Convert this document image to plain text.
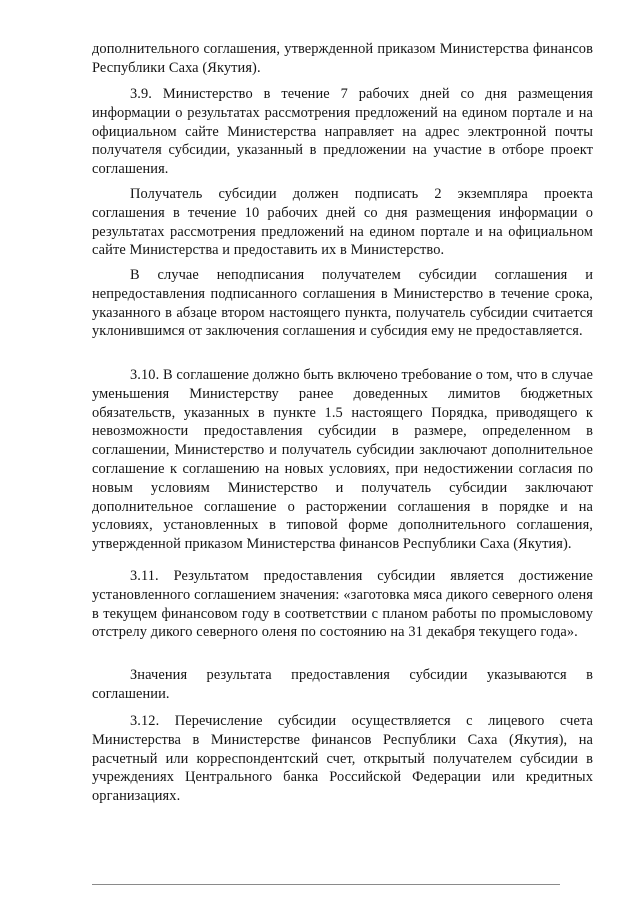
дополнительного соглашения, утвержденной приказом Министерства финансов Республики Саха (Якутия).

3.9. Министерство в течение 7 рабочих дней со дня размещения информации о результатах рассмотрения предложений на едином портале и на официальном сайте Министерства направляет на адрес электронной почты получателя субсидии, указанный в предложении на участие в отборе проект соглашения.

Получатель субсидии должен подписать 2 экземпляра проекта соглашения в течение 10 рабочих дней со дня размещения информации о результатах рассмотрения предложений на едином портале и на официальном сайте Министерства и предоставить их в Министерство.

В случае неподписания получателем субсидии соглашения и непредоставления подписанного соглашения в Министерство в течение срока, указанного в абзаце втором настоящего пункта, получатель субсидии считается уклонившимся от заключения соглашения и субсидия ему не предоставляется.

3.10. В соглашение должно быть включено требование о том, что в случае уменьшения Министерству ранее доведенных лимитов бюджетных обязательств, указанных в пункте 1.5 настоящего Порядка, приводящего к невозможности предоставления субсидии в размере, определенном в соглашении, Министерство и получатель субсидии заключают дополнительное соглашение к соглашению на новых условиях, при недостижении согласия по новым условиям Министерство и получатель субсидии заключают дополнительное соглашение о расторжении соглашения в порядке и на условиях, установленных в типовой форме дополнительного соглашения, утвержденной приказом Министерства финансов Республики Саха (Якутия).

3.11. Результатом предоставления субсидии является достижение установленного соглашением значения: «заготовка мяса дикого северного оленя в текущем финансовом году в соответствии с планом работы по промысловому отстрелу дикого северного оленя по состоянию на 31 декабря текущего года».

Значения результата предоставления субсидии указываются в соглашении.

3.12. Перечисление субсидии осуществляется с лицевого счета Министерства в Министерстве финансов Республики Саха (Якутия), на расчетный или корреспондентский счет, открытый получателем субсидии в учреждениях Центрального банка Российской Федерации или кредитных организациях.
